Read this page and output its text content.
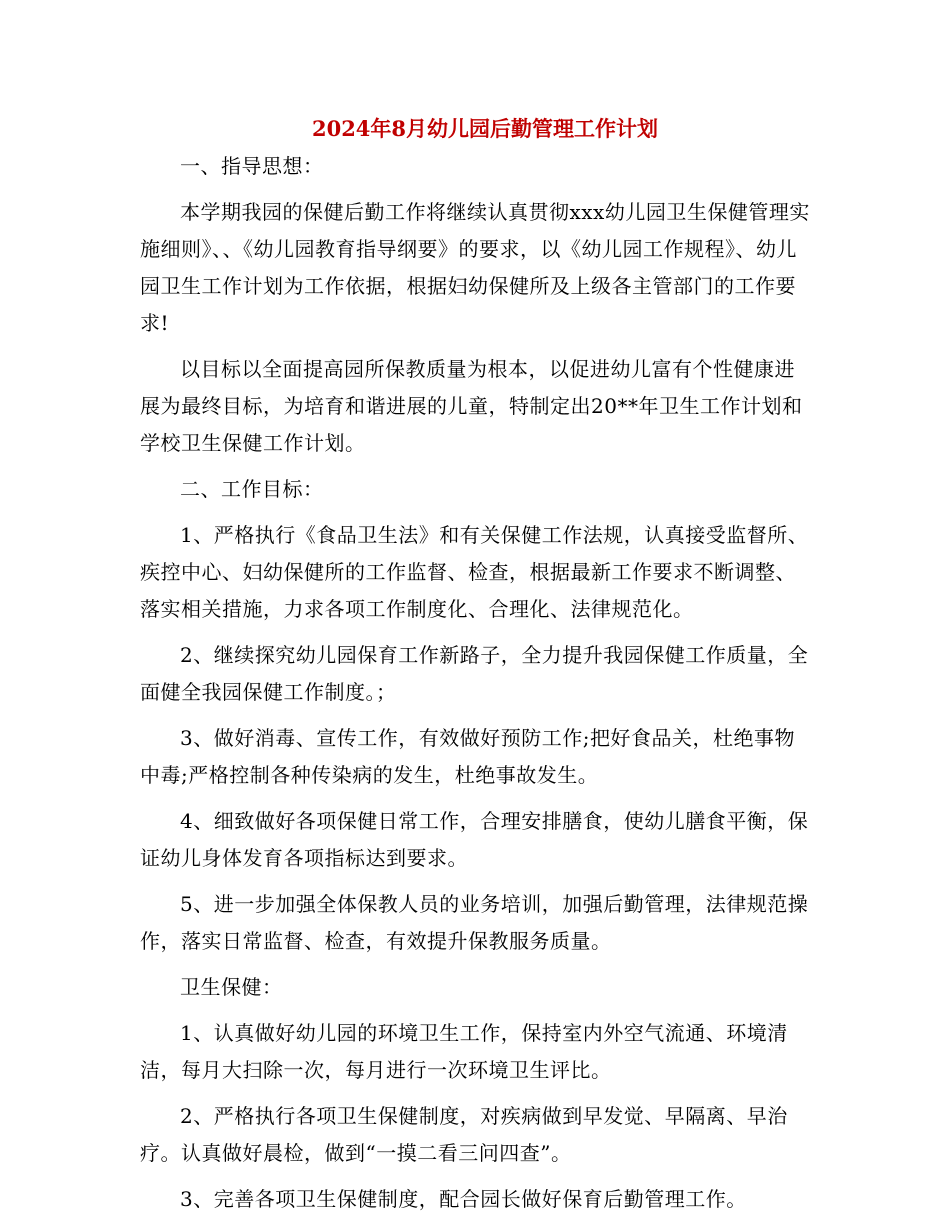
2024年8月幼儿园后勤管理工作计划

一、指导思想：

本学期我园的保健后勤工作将继续认真贯彻xxx幼儿园卫生保健管理实施细则》、、《幼儿园教育指导纲要》的要求，以《幼儿园工作规程》、幼儿园卫生工作计划为工作依据，根据妇幼保健所及上级各主管部门的工作要求!

以目标以全面提高园所保教质量为根本，以促进幼儿富有个性健康进展为最终目标，为培育和谐进展的儿童，特制定出20**年卫生工作计划和 学校卫生保健工作计划。

二、工作目标：

1、严格执行《食品卫生法》和有关保健工作法规，认真接受监督所、疾控中心、妇幼保健所的工作监督、检查，根据最新工作要求不断调整、落实相关措施，力求各项工作制度化、合理化、法律规范化。

2、继续探究幼儿园保育工作新路子，全力提升我园保健工作质量，全面健全我园保健工作制度。；

3、做好消毒、宣传工作，有效做好预防工作;把好食品关，杜绝事物中毒;严格控制各种传染病的发生，杜绝事故发生。

4、细致做好各项保健日常工作，合理安排膳食，使幼儿膳食平衡，保证幼儿身体发育各项指标达到要求。

5、进一步加强全体保教人员的业务培训，加强后勤管理，法律规范操作，落实日常监督、检查，有效提升保教服务质量。

卫生保健：

1、认真做好幼儿园的环境卫生工作，保持室内外空气流通、环境清洁，每月大扫除一次，每月进行一次环境卫生评比。

2、严格执行各项卫生保健制度，对疾病做到早发觉、早隔离、早治疗。认真做好晨检，做到“一摸二看三问四查”。

3、完善各项卫生保健制度，配合园长做好保育后勤管理工作。
